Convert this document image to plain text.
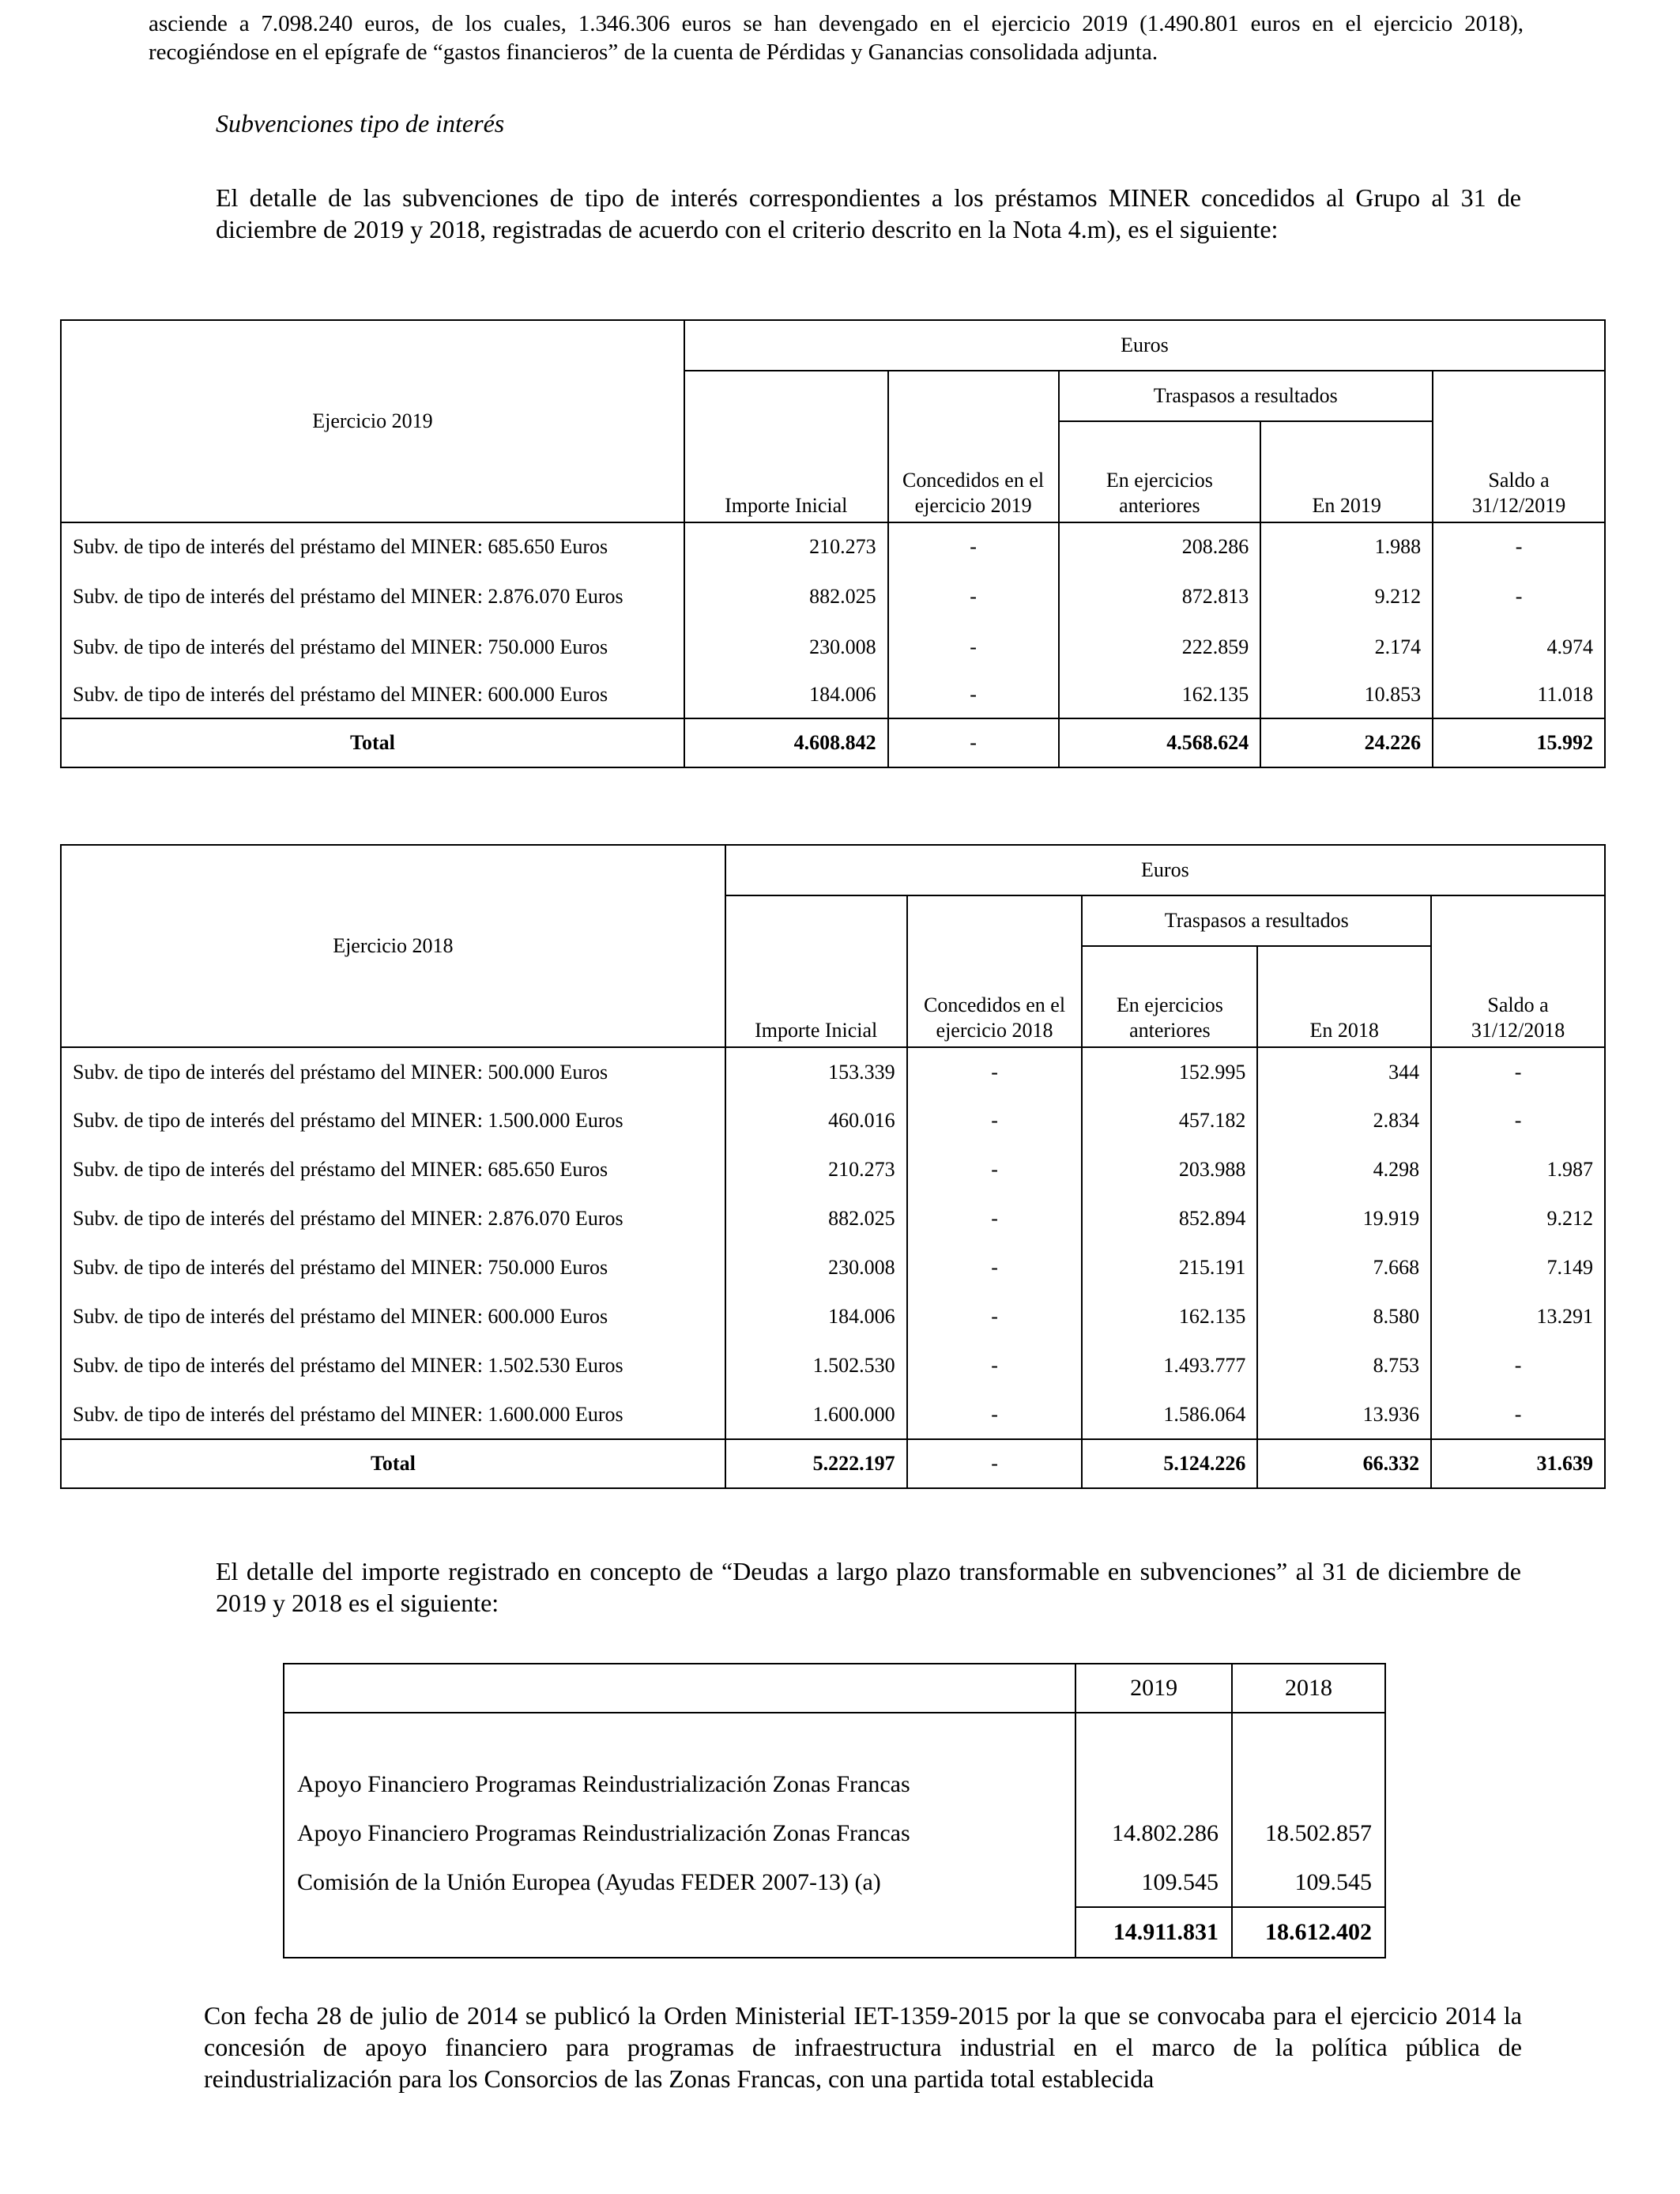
asciende a 7.098.240 euros, de los cuales, 1.346.306 euros se han devengado en el ejercicio 2019 (1.490.801 euros en el ejercicio 2018), recogiéndose en el epígrafe de “gastos financieros” de la cuenta de Pérdidas y Ganancias consolidada adjunta.

Subvenciones tipo de interés

El detalle de las subvenciones de tipo de interés correspondientes a los préstamos MINER concedidos al Grupo al 31 de diciembre de 2019 y 2018, registradas de acuerdo con el criterio descrito en la Nota 4.m), es el siguiente:

Ejercicio 2019	Euros				
	Importe Inicial	Concedidos en el ejercicio 2019	Traspasos a resultados		Saldo a 31/12/2019
			En ejercicios anteriores	En 2019	
Subv. de tipo de interés del préstamo del MINER: 685.650 Euros	210.273	-	208.286	1.988	-
Subv. de tipo de interés del préstamo del MINER: 2.876.070 Euros	882.025	-	872.813	9.212	-
Subv. de tipo de interés del préstamo del MINER: 750.000 Euros	230.008	-	222.859	2.174	4.974
Subv. de tipo de interés del préstamo del MINER: 600.000 Euros	184.006	-	162.135	10.853	11.018
Total	4.608.842	-	4.568.624	24.226	15.992
Ejercicio 2018	Euros				
	Importe Inicial	Concedidos en el ejercicio 2018	Traspasos a resultados		Saldo a 31/12/2018
			En ejercicios anteriores	En 2018	
Subv. de tipo de interés del préstamo del MINER: 500.000 Euros	153.339	-	152.995	344	-
Subv. de tipo de interés del préstamo del MINER: 1.500.000 Euros	460.016	-	457.182	2.834	-
Subv. de tipo de interés del préstamo del MINER: 685.650 Euros	210.273	-	203.988	4.298	1.987
Subv. de tipo de interés del préstamo del MINER: 2.876.070 Euros	882.025	-	852.894	19.919	9.212
Subv. de tipo de interés del préstamo del MINER: 750.000 Euros	230.008	-	215.191	7.668	7.149
Subv. de tipo de interés del préstamo del MINER: 600.000 Euros	184.006	-	162.135	8.580	13.291
Subv. de tipo de interés del préstamo del MINER: 1.502.530 Euros	1.502.530	-	1.493.777	8.753	-
Subv. de tipo de interés del préstamo del MINER: 1.600.000 Euros	1.600.000	-	1.586.064	13.936	-
Total	5.222.197	-	5.124.226	66.332	31.639

El detalle del importe registrado en concepto de “Deudas a largo plazo transformable en subvenciones” al 31 de diciembre de 2019 y 2018 es el siguiente:

	2019	2018

Apoyo Financiero Programas Reindustrialización Zonas Francas		
Apoyo Financiero Programas Reindustrialización Zonas Francas	14.802.286	18.502.857
Comisión de la Unión Europea (Ayudas FEDER 2007-13) (a)	109.545	109.545
	14.911.831	18.612.402

Con fecha 28 de julio de 2014 se publicó la Orden Ministerial IET-1359-2015 por la que se convocaba para el ejercicio 2014 la concesión de apoyo financiero para programas de infraestructura industrial en el marco de la política pública de reindustrialización para los Consorcios de las Zonas Francas, con una partida total establecida
